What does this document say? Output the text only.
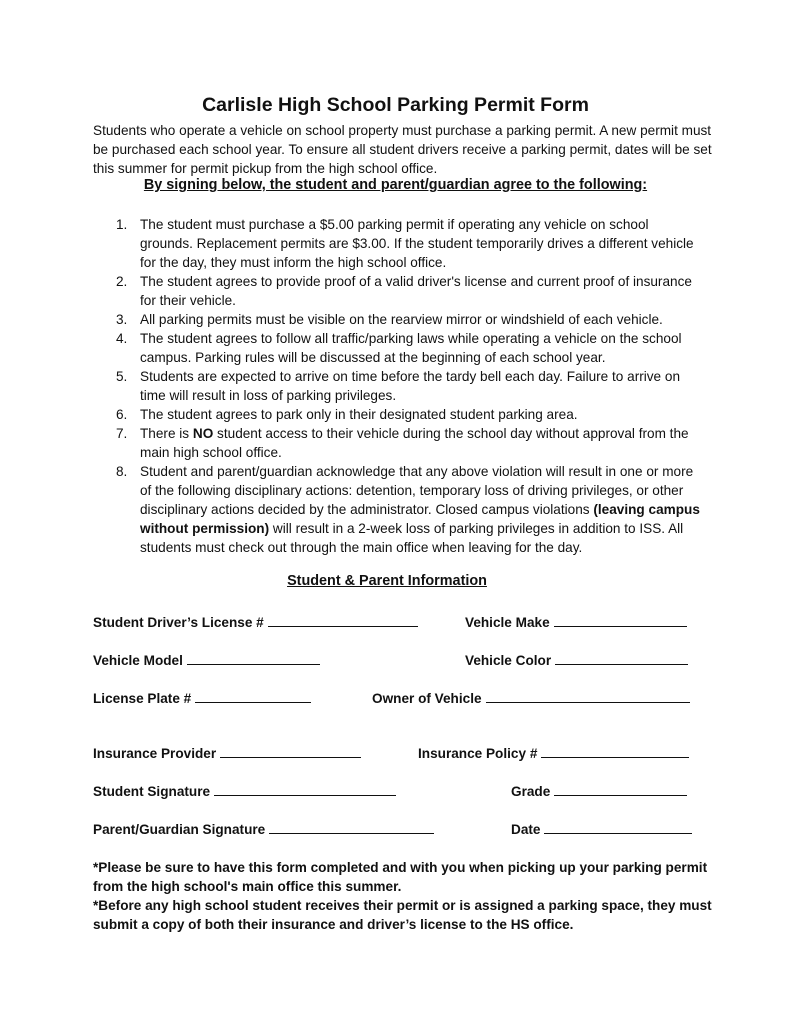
Carlisle High School Parking Permit Form

Students who operate a vehicle on school property must purchase a parking permit. A new permit must be purchased each school year. To ensure all student drivers receive a parking permit, dates will be set this summer for permit pickup from the high school office.

By signing below, the student and parent/guardian agree to the following:

1. The student must purchase a $5.00 parking permit if operating any vehicle on school grounds. Replacement permits are $3.00. If the student temporarily drives a different vehicle for the day, they must inform the high school office.
2. The student agrees to provide proof of a valid driver's license and current proof of insurance for their vehicle.
3. All parking permits must be visible on the rearview mirror or windshield of each vehicle.
4. The student agrees to follow all traffic/parking laws while operating a vehicle on the school campus. Parking rules will be discussed at the beginning of each school year.
5. Students are expected to arrive on time before the tardy bell each day. Failure to arrive on time will result in loss of parking privileges.
6. The student agrees to park only in their designated student parking area.
7. There is NO student access to their vehicle during the school day without approval from the main high school office.
8. Student and parent/guardian acknowledge that any above violation will result in one or more of the following disciplinary actions: detention, temporary loss of driving privileges, or other disciplinary actions decided by the administrator. Closed campus violations (leaving campus without permission) will result in a 2-week loss of parking privileges in addition to ISS. All students must check out through the main office when leaving for the day.

Student & Parent Information

Student Driver’s License #	Vehicle Make
Vehicle Model	Vehicle Color
License Plate #	Owner of Vehicle
Insurance Provider	Insurance Policy #
Student Signature	Grade
Parent/Guardian Signature	Date

*Please be sure to have this form completed and with you when picking up your parking permit from the high school's main office this summer.

*Before any high school student receives their permit or is assigned a parking space, they must submit a copy of both their insurance and driver’s license to the HS office.
